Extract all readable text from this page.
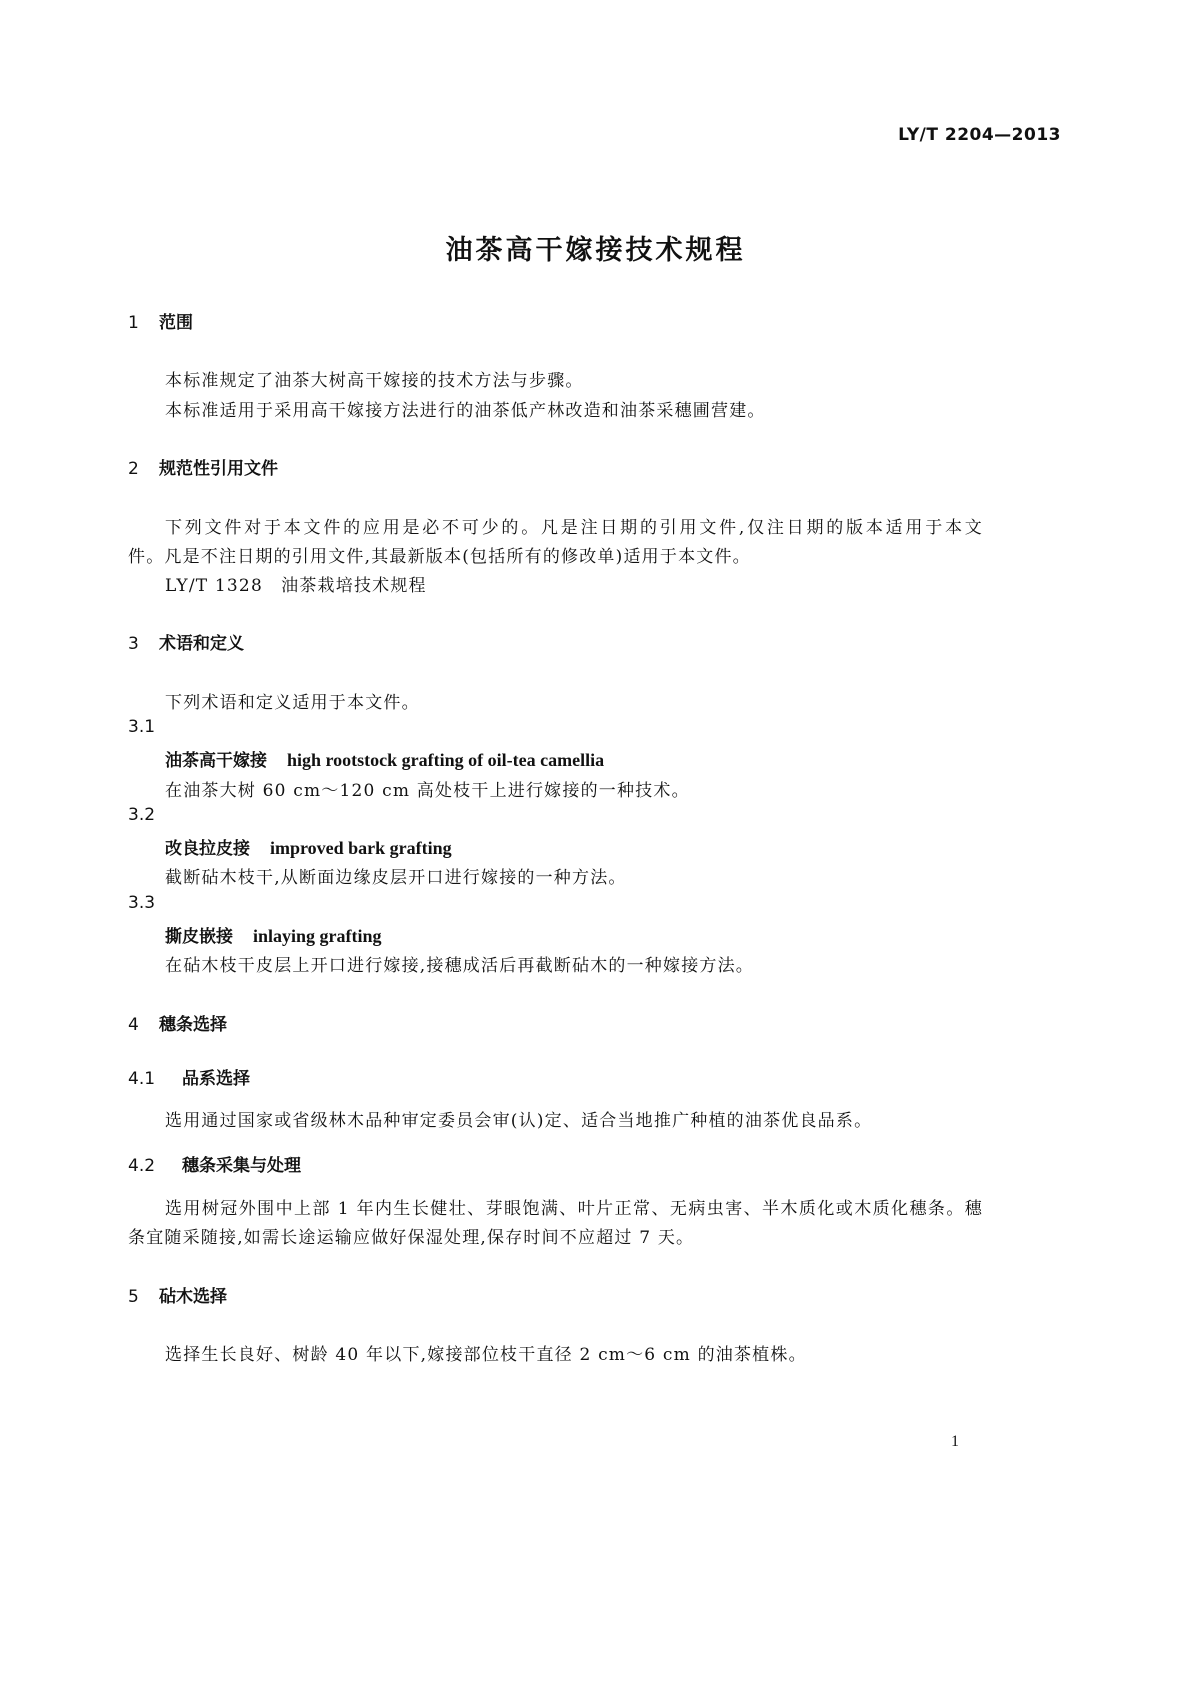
LY/T 2204—2013
油茶高干嫁接技术规程
1 范围
本标准规定了油茶大树高干嫁接的技术方法与步骤。
本标准适用于采用高干嫁接方法进行的油茶低产林改造和油茶采穗圃营建。
2 规范性引用文件
下列文件对于本文件的应用是必不可少的。凡是注日期的引用文件,仅注日期的版本适用于本文
件。凡是不注日期的引用文件,其最新版本(包括所有的修改单)适用于本文件。
LY/T 1328　油茶栽培技术规程
3 术语和定义
下列术语和定义适用于本文件。
3.1
油茶高干嫁接 high rootstock grafting of oil-tea camellia
在油茶大树 60 cm～120 cm 高处枝干上进行嫁接的一种技术。
3.2
改良拉皮接 improved bark grafting
截断砧木枝干,从断面边缘皮层开口进行嫁接的一种方法。
3.3
撕皮嵌接 inlaying grafting
在砧木枝干皮层上开口进行嫁接,接穗成活后再截断砧木的一种嫁接方法。
4 穗条选择
4.1 品系选择
选用通过国家或省级林木品种审定委员会审(认)定、适合当地推广种植的油茶优良品系。
4.2 穗条采集与处理
选用树冠外围中上部 1 年内生长健壮、芽眼饱满、叶片正常、无病虫害、半木质化或木质化穗条。穗
条宜随采随接,如需长途运输应做好保湿处理,保存时间不应超过 7 天。
5 砧木选择
选择生长良好、树龄 40 年以下,嫁接部位枝干直径 2 cm～6 cm 的油茶植株。
1
